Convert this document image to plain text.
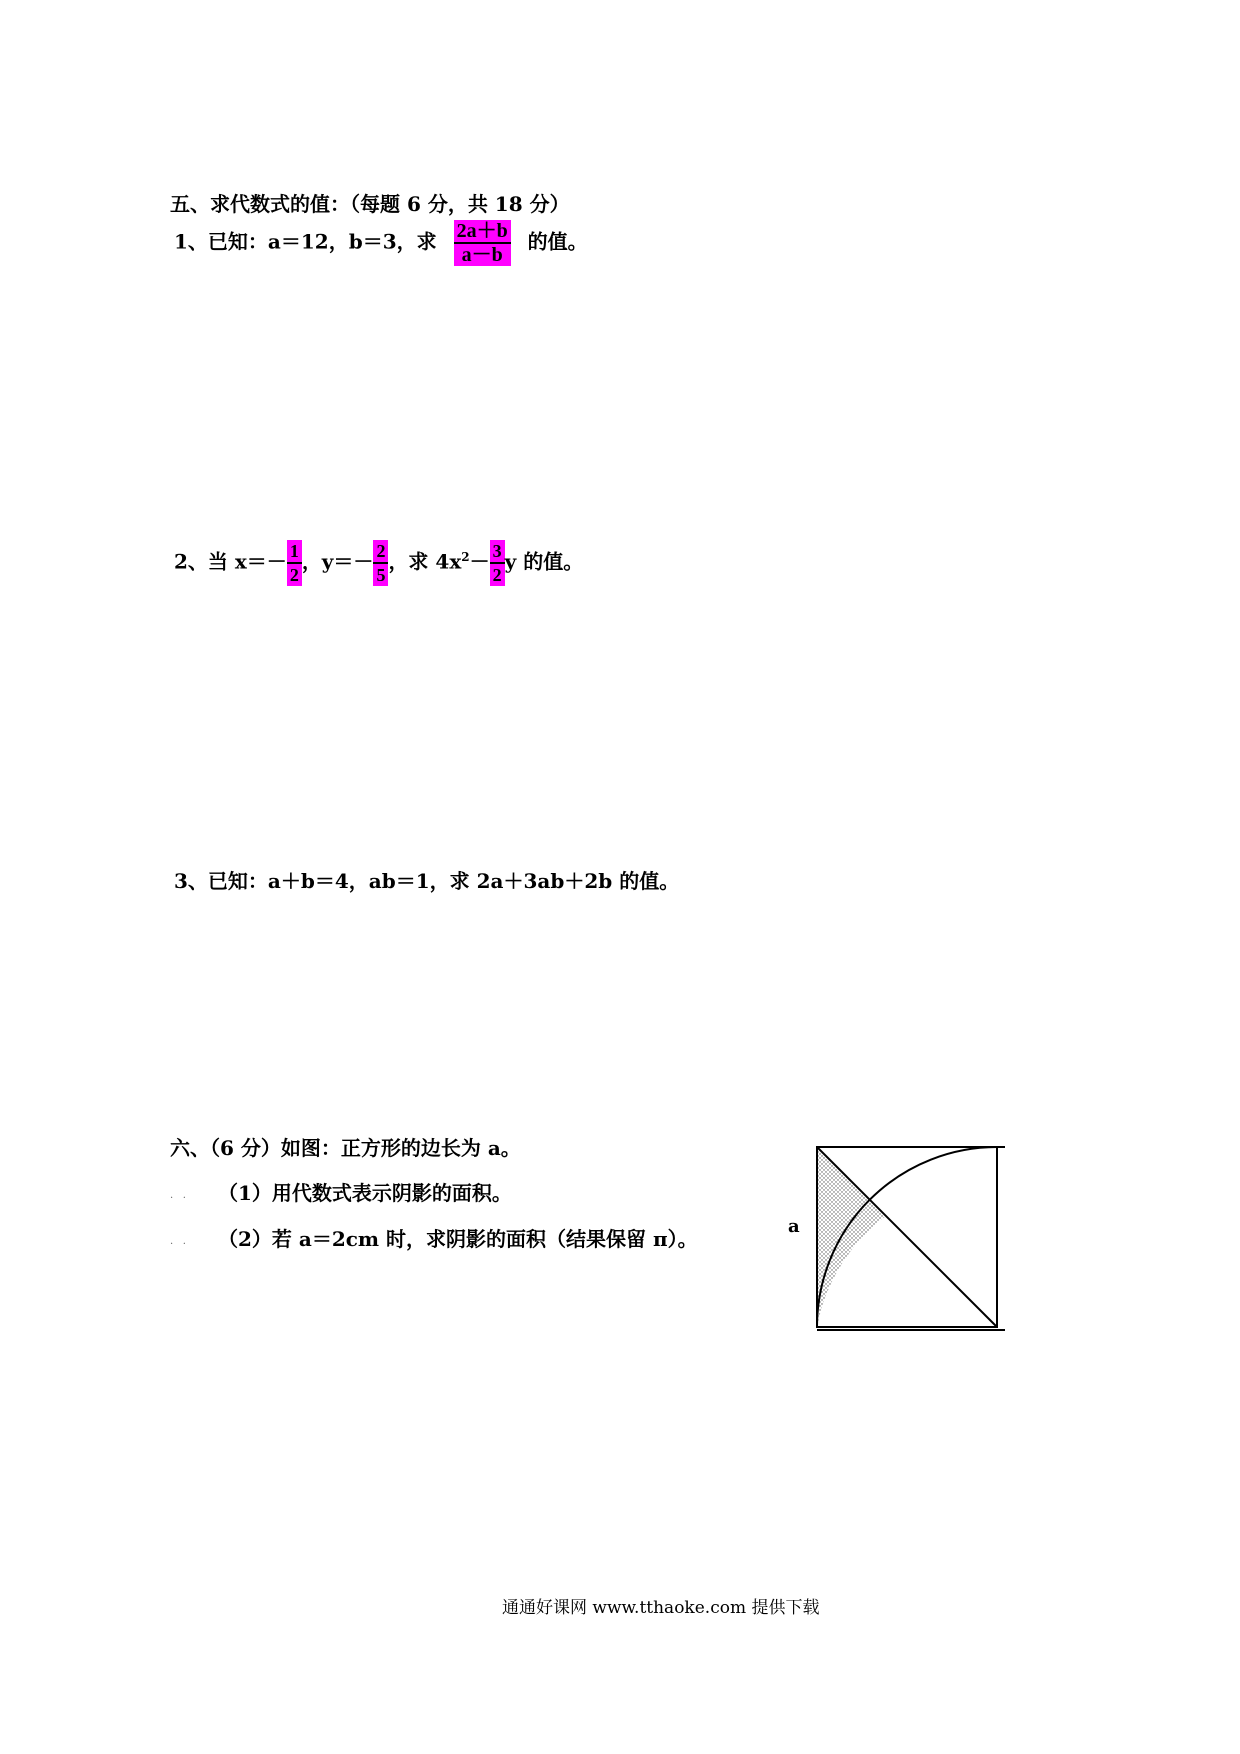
五、求代数式的值：（每题 6 分，共 18 分）
1、已知：a＝12，b＝3，求 $\frac{2a+b}{a-b}$ 的值。
2、当 $x=- \frac{1}{2}$ ，$y=- \frac{2}{5}$ ，求 $4x^2- \frac{3}{2}$ y 的值。
3、已知：a＋b＝4，ab＝1，求 2a＋3ab＋2b 的值。
六、（6 分）如图：正方形的边长为 a。
.   . （1）用代数式表示阴影的面积。
.   . （2）若 a＝2cm 时，求阴影的面积（结果保留 π）。
a
通通好课网 www.tthaoke.com 提供下载
